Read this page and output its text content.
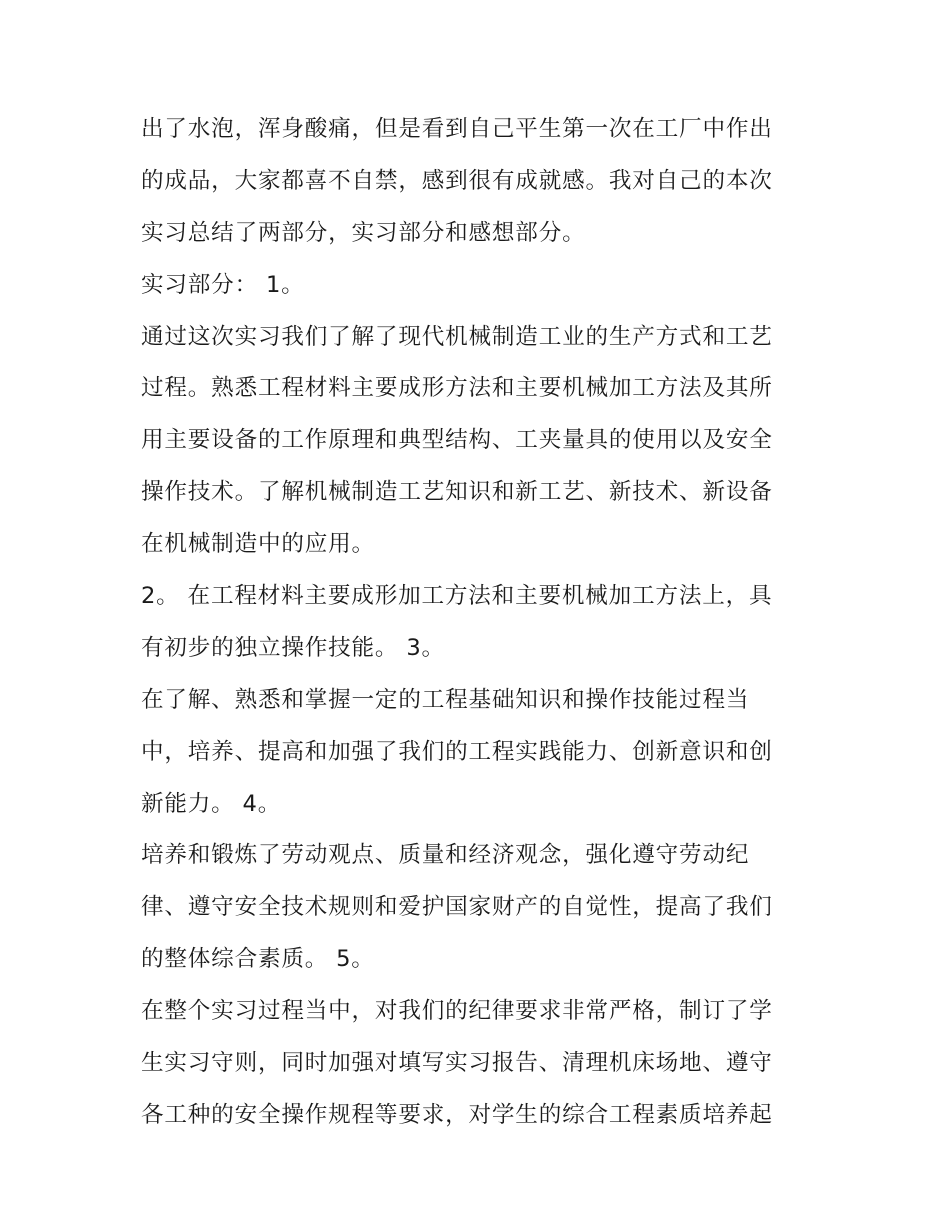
出了水泡，浑身酸痛，但是看到自己平生第一次在工厂中作出
的成品，大家都喜不自禁，感到很有成就感。我对自己的本次
实习总结了两部分，实习部分和感想部分。
实习部分： 1。
通过这次实习我们了解了现代机械制造工业的生产方式和工艺
过程。熟悉工程材料主要成形方法和主要机械加工方法及其所
用主要设备的工作原理和典型结构、工夹量具的使用以及安全
操作技术。了解机械制造工艺知识和新工艺、新技术、新设备
在机械制造中的应用。
2。 在工程材料主要成形加工方法和主要机械加工方法上，具
有初步的独立操作技能。 3。
在了解、熟悉和掌握一定的工程基础知识和操作技能过程当
中，培养、提高和加强了我们的工程实践能力、创新意识和创
新能力。 4。
培养和锻炼了劳动观点、质量和经济观念，强化遵守劳动纪
律、遵守安全技术规则和爱护国家财产的自觉性，提高了我们
的整体综合素质。 5。
在整个实习过程当中，对我们的纪律要求非常严格，制订了学
生实习守则，同时加强对填写实习报告、清理机床场地、遵守
各工种的安全操作规程等要求，对学生的综合工程素质培养起
